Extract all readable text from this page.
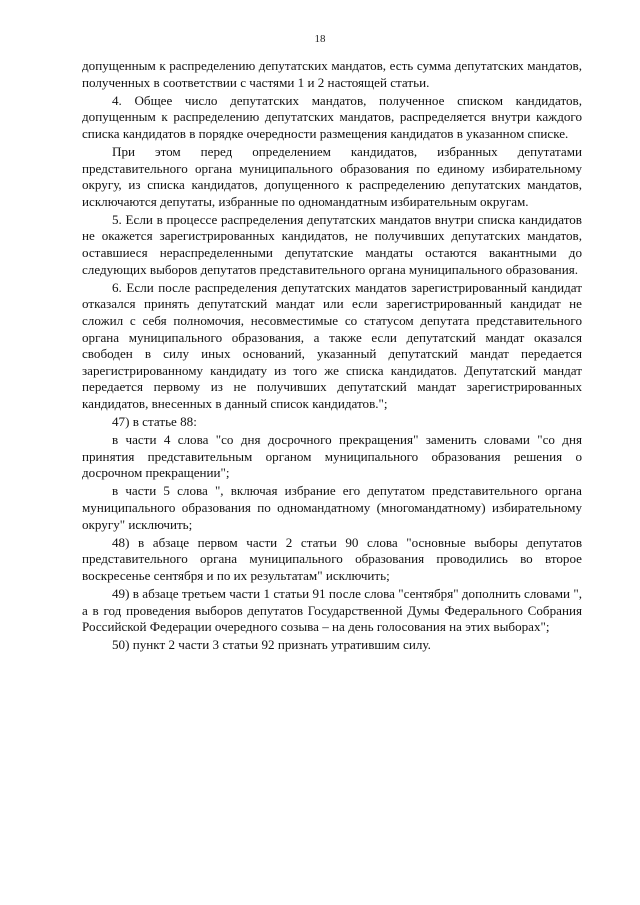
18

допущенным к распределению депутатских мандатов, есть сумма депутатских мандатов, полученных в соответствии с частями 1 и 2 настоящей статьи.

4. Общее число депутатских мандатов, полученное списком кандидатов, допущенным к распределению депутатских мандатов, распределяется внутри каждого списка кандидатов в порядке очередности размещения кандидатов в указанном списке.

При этом перед определением кандидатов, избранных депутатами представительного органа муниципального образования по единому избирательному округу, из списка кандидатов, допущенного к распределению депутатских мандатов, исключаются депутаты, избранные по одномандатным избирательным округам.

5. Если в процессе распределения депутатских мандатов внутри списка кандидатов не окажется зарегистрированных кандидатов, не получивших депутатских мандатов, оставшиеся нераспределенными депутатские мандаты остаются вакантными до следующих выборов депутатов представительного органа муниципального образования.

6. Если после распределения депутатских мандатов зарегистрированный кандидат отказался принять депутатский мандат или если зарегистрированный кандидат не сложил с себя полномочия, несовместимые со статусом депутата представительного органа муниципального образования, а также если депутатский мандат оказался свободен в силу иных оснований, указанный депутатский мандат передается зарегистрированному кандидату из того же списка кандидатов. Депутатский мандат передается первому из не получивших депутатский мандат зарегистрированных кандидатов, внесенных в данный список кандидатов.";

47) в статье 88:

в части 4 слова "со дня досрочного прекращения" заменить словами "со дня принятия представительным органом муниципального образования решения о досрочном прекращении";

в части 5 слова ", включая избрание его депутатом представительного органа муниципального образования по одномандатному (многомандатному) избирательному округу" исключить;

48) в абзаце первом части 2 статьи 90 слова "основные выборы депутатов представительного органа муниципального образования проводились во второе воскресенье сентября и по их результатам" исключить;

49) в абзаце третьем части 1 статьи 91 после слова "сентября" дополнить словами ", а в год проведения выборов депутатов Государственной Думы Федерального Собрания Российской Федерации очередного созыва – на день голосования на этих выборах";

50) пункт 2 части 3 статьи 92 признать утратившим силу.
